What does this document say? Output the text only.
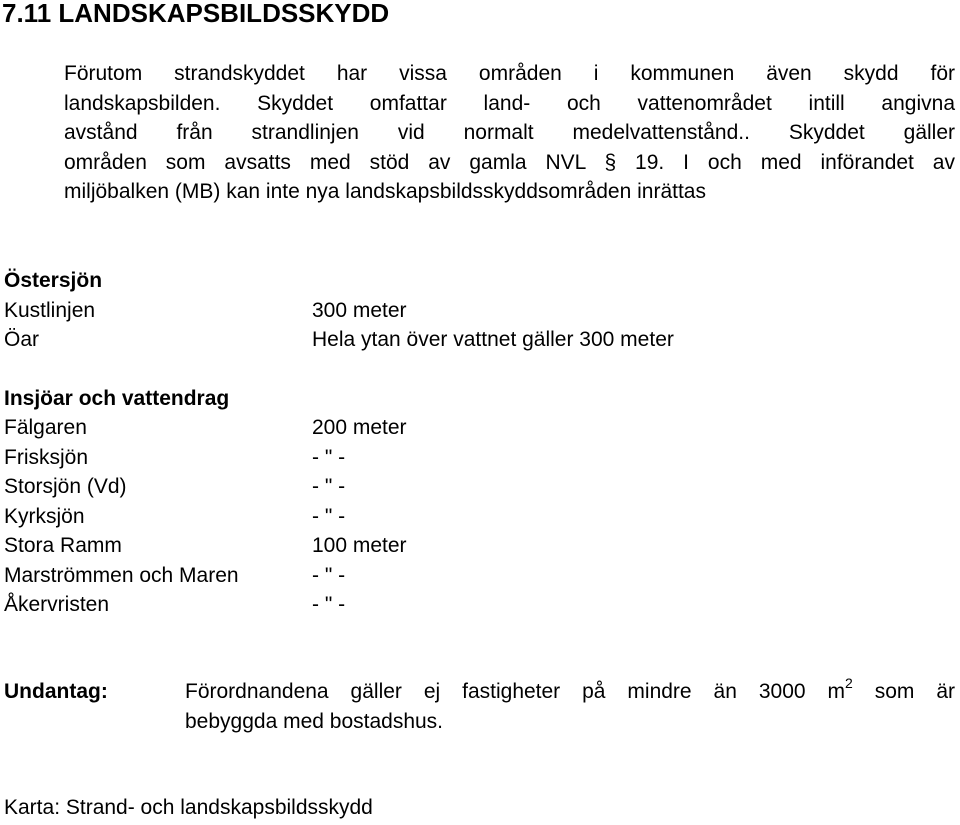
7.11 LANDSKAPSBILDSSKYDD
Förutom strandskyddet har vissa områden i kommunen även skydd för
landskapsbilden. Skyddet omfattar land- och vattenområdet intill angivna
avstånd från strandlinjen vid normalt medelvattenstånd.. Skyddet gäller
områden som avsatts med stöd av gamla NVL § 19. I och med införandet av
miljöbalken (MB) kan inte nya landskapsbildsskyddsområden inrättas
Östersjön
Kustlinjen	300 meter
Öar	Hela ytan över vattnet gäller 300 meter
Insjöar och vattendrag
Fälgaren	200 meter
Frisksjön	- " -
Storsjön (Vd)	- " -
Kyrksjön	- " -
Stora Ramm	100 meter
Marströmmen och Maren	- " -
Åkervristen	- " -
Undantag:	Förordnandena gäller ej fastigheter på mindre än 3000 $m^2$ som är
bebyggda med bostadshus.
Karta: Strand- och landskapsbildsskydd
